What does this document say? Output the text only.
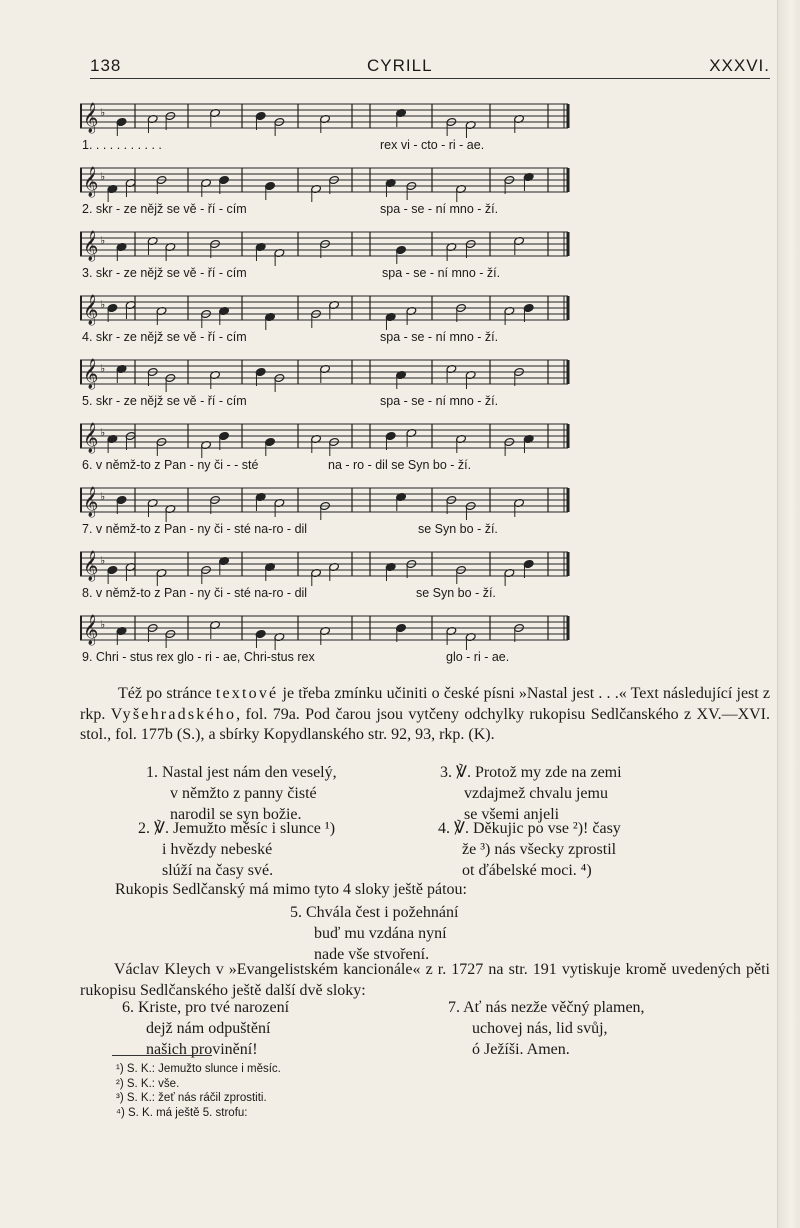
138	CYRILL	XXXVI.
𝄞 ♭
1. . . . . . . . . . .	rex vi - cto - ri - ae.
𝄞 ♭
2. skr - ze nějž se vě - ří - cím	spa - se - ní mno - ží.
𝄞 ♭
3. skr - ze nějž se vě - ří - cím	spa - se - ní mno - ží.
𝄞 ♭
4. skr - ze nějž se vě - ří - cím	spa - se - ní mno - ží.
𝄞 ♭
5. skr - ze nějž se vě - ří - cím	spa - se - ní mno - ží.
𝄞 ♭
6. v němž-to z Pan - ny či - - sté	na - ro - dil se Syn bo - ží.
𝄞 ♭
7. v němž-to z Pan - ny či - sté na-ro - dil	se Syn bo - ží.
𝄞 ♭
8. v němž-to z Pan - ny či - sté na-ro - dil	se Syn bo - ží.
𝄞 ♭
9. Chri - stus rex glo - ri - ae, Chri-stus rex	glo - ri - ae.
Též po stránce textové je třeba zmínku učiniti o české písni »Nastal jest . . .« Text následující jest z rkp. Vyšehradského, fol. 79a. Pod čarou jsou vytčeny odchylky rukopisu Sedlčanského z XV.—XVI. stol., fol. 177b (S.), a sbírky Kopydlanského str. 92, 93, rkp. (K).
1. Nastal jest nám den veselý,
v němžto z panny čisté
narodil se syn božie.
2. ℣. Jemužto měsíc i slunce ¹)
i hvězdy nebeské
slúží na časy své.
3. ℣. Protož my zde na zemi
vzdajmež chvalu jemu
se všemi anjeli
4. ℣. Děkujic po vse ²)! časy
že ³) nás všecky zprostil
ot ďábelské moci. ⁴)
Rukopis Sedlčanský má mimo tyto 4 sloky ještě pátou:
5. Chvála čest i požehnání
buď mu vzdána nyní
nade vše stvoření.
Václav Kleych v »Evangelistském kancionále« z r. 1727 na str. 191 vytiskuje kromě uvedených pěti rukopisu Sedlčanského ještě další dvě sloky:
6. Kriste, pro tvé narození
dejž nám odpuštění
našich provinění!
7. Ať nás nezže věčný plamen,
uchovej nás, lid svůj,
ó Ježíši. Amen.
¹) S. K.: Jemužto slunce i měsíc.
²) S. K.: vše.
³) S. K.: žeť nás ráčil zprostiti.
⁴) S. K. má ještě 5. strofu:
